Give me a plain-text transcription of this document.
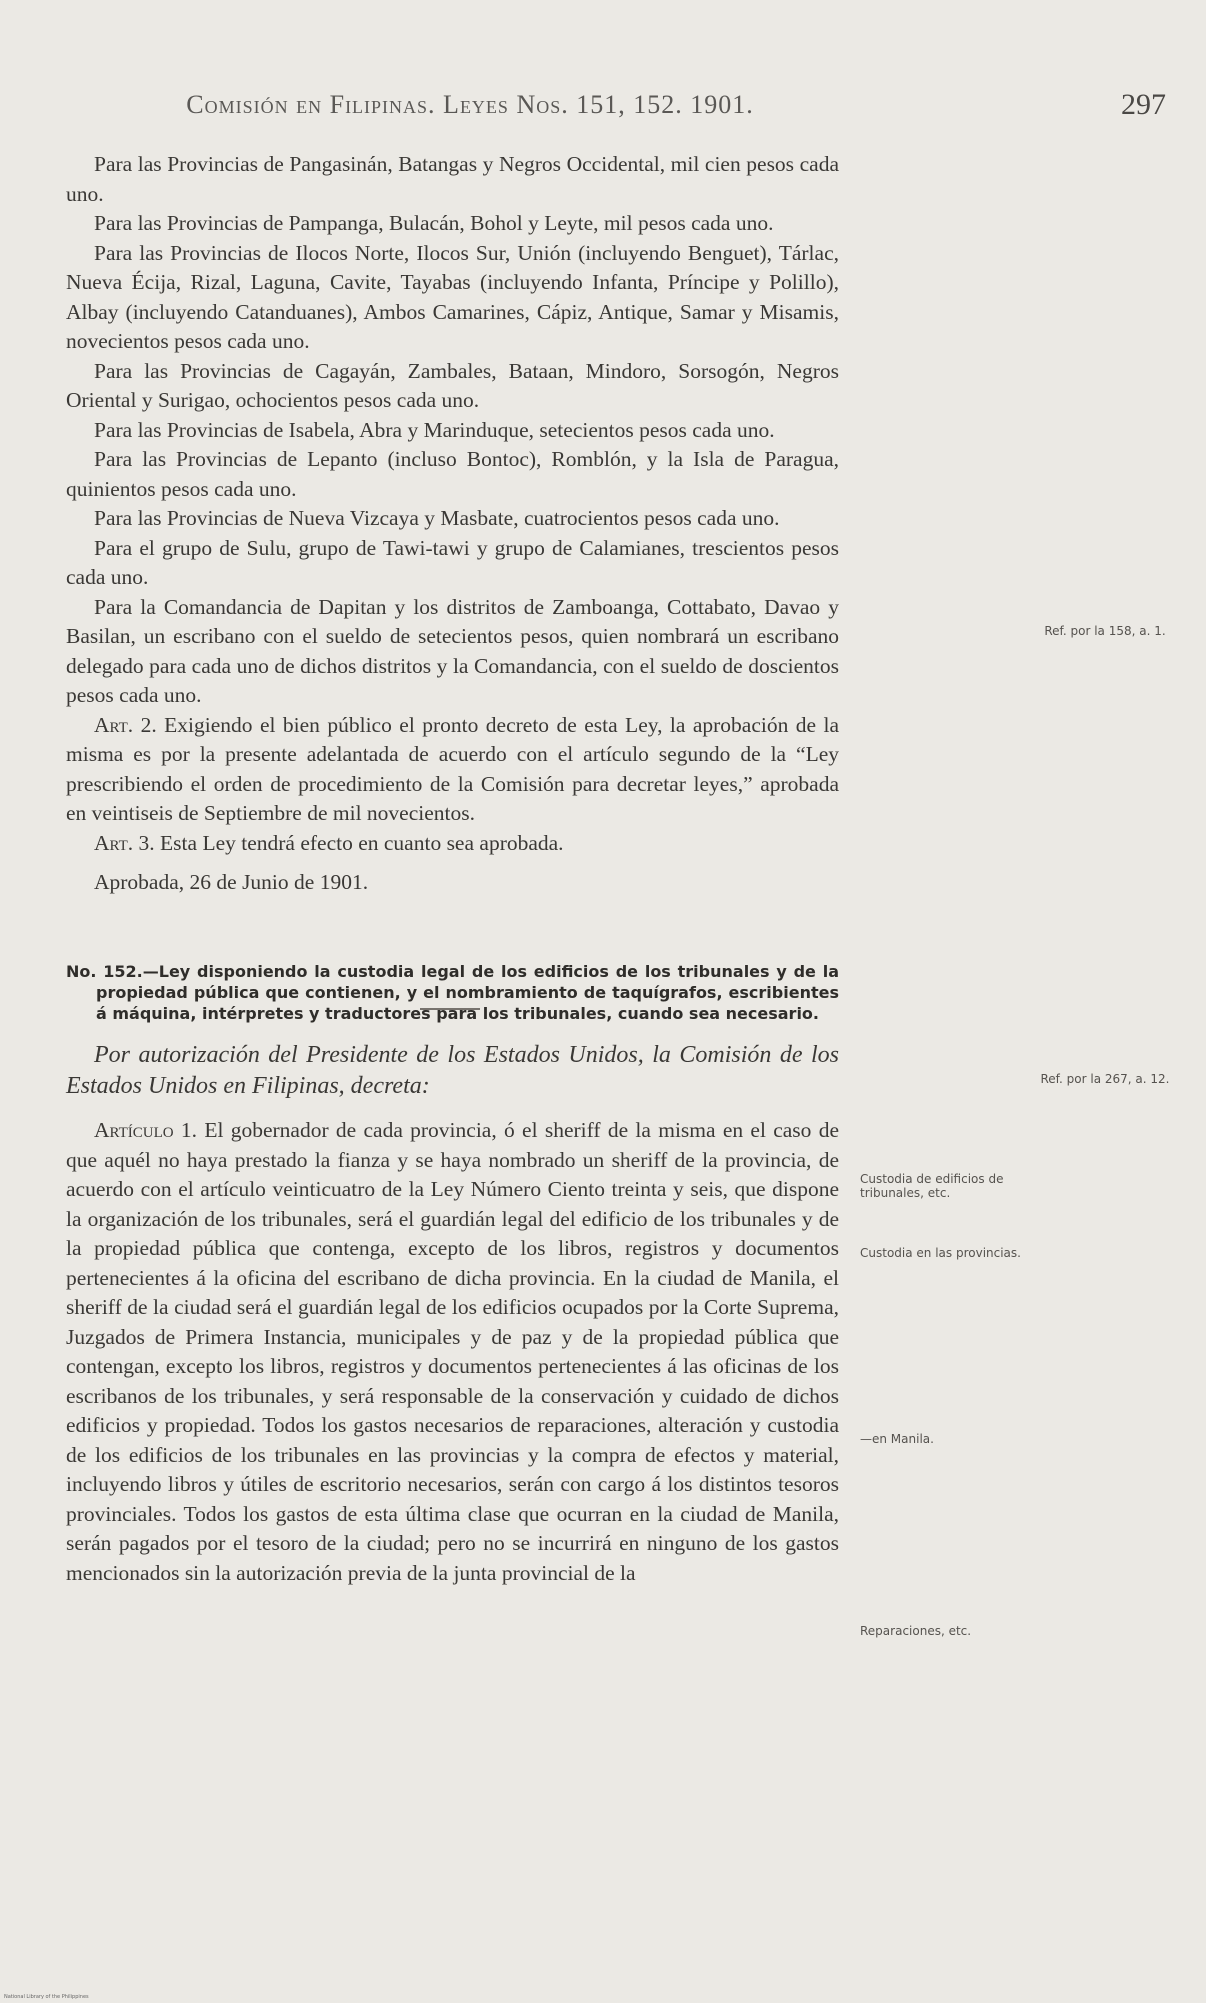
Comisión en Filipinas. Leyes Nos. 151, 152. 1901.	297

Para las Provincias de Pangasinán, Batangas y Negros Occidental, mil cien pesos cada uno.

Para las Provincias de Pampanga, Bulacán, Bohol y Leyte, mil pesos cada uno.

Para las Provincias de Ilocos Norte, Ilocos Sur, Unión (incluyendo Benguet), Tárlac, Nueva Écija, Rizal, Laguna, Cavite, Tayabas (incluyendo Infanta, Príncipe y Polillo), Albay (incluyendo Catanduanes), Ambos Camarines, Cápiz, Antique, Samar y Misamis, novecientos pesos cada uno.

Para las Provincias de Cagayán, Zambales, Bataan, Mindoro, Sorsogón, Negros Oriental y Surigao, ochocientos pesos cada uno.

Para las Provincias de Isabela, Abra y Marinduque, setecientos pesos cada uno.

Para las Provincias de Lepanto (incluso Bontoc), Romblón, y la Isla de Paragua, quinientos pesos cada uno.

Para las Provincias de Nueva Vizcaya y Masbate, cuatrocientos pesos cada uno.

Para el grupo de Sulu, grupo de Tawi-tawi y grupo de Calamianes, trescientos pesos cada uno.

Para la Comandancia de Dapitan y los distritos de Zamboanga, Cottabato, Davao y Basilan, un escribano con el sueldo de setecientos pesos, quien nombrará un escribano delegado para cada uno de dichos distritos y la Comandancia, con el sueldo de doscientos pesos cada uno.

Art. 2. Exigiendo el bien público el pronto decreto de esta Ley, la aprobación de la misma es por la presente adelantada de acuerdo con el artículo segundo de la “Ley prescribiendo el orden de procedimiento de la Comisión para decretar leyes,” aprobada en veintiseis de Septiembre de mil novecientos.

Art. 3. Esta Ley tendrá efecto en cuanto sea aprobada.

Aprobada, 26 de Junio de 1901.

No. 152.—Ley disponiendo la custodia legal de los edificios de los tribunales y de la propiedad pública que contienen, y el nombramiento de taquígrafos, escribientes á máquina, intérpretes y traductores para los tribunales, cuando sea necesario.

Por autorización del Presidente de los Estados Unidos, la Comisión de los Estados Unidos en Filipinas, decreta:

Artículo 1. El gobernador de cada provincia, ó el sheriff de la misma en el caso de que aquél no haya prestado la fianza y se haya nombrado un sheriff de la provincia, de acuerdo con el artículo veinticuatro de la Ley Número Ciento treinta y seis, que dispone la organización de los tribunales, será el guardián legal del edificio de los tribunales y de la propiedad pública que contenga, excepto de los libros, registros y documentos pertenecientes á la oficina del escribano de dicha provincia. En la ciudad de Manila, el sheriff de la ciudad será el guardián legal de los edificios ocupados por la Corte Suprema, Juzgados de Primera Instancia, municipales y de paz y de la propiedad pública que contengan, excepto los libros, registros y documentos pertenecientes á las oficinas de los escribanos de los tribunales, y será responsable de la conservación y cuidado de dichos edificios y propiedad. Todos los gastos necesarios de reparaciones, alteración y custodia de los edificios de los tribunales en las provincias y la compra de efectos y material, incluyendo libros y útiles de escritorio necesarios, serán con cargo á los distintos tesoros provinciales. Todos los gastos de esta última clase que ocurran en la ciudad de Manila, serán pagados por el tesoro de la ciudad; pero no se incurrirá en ninguno de los gastos mencionados sin la autorización previa de la junta provincial de la

Ref. por la 158, a. 1.
Ref. por la 267, a. 12.
Custodia de edificios de tribunales, etc.
Custodia en las provincias.
—en Manila.
Reparaciones, etc.
National Library of the Philippines
